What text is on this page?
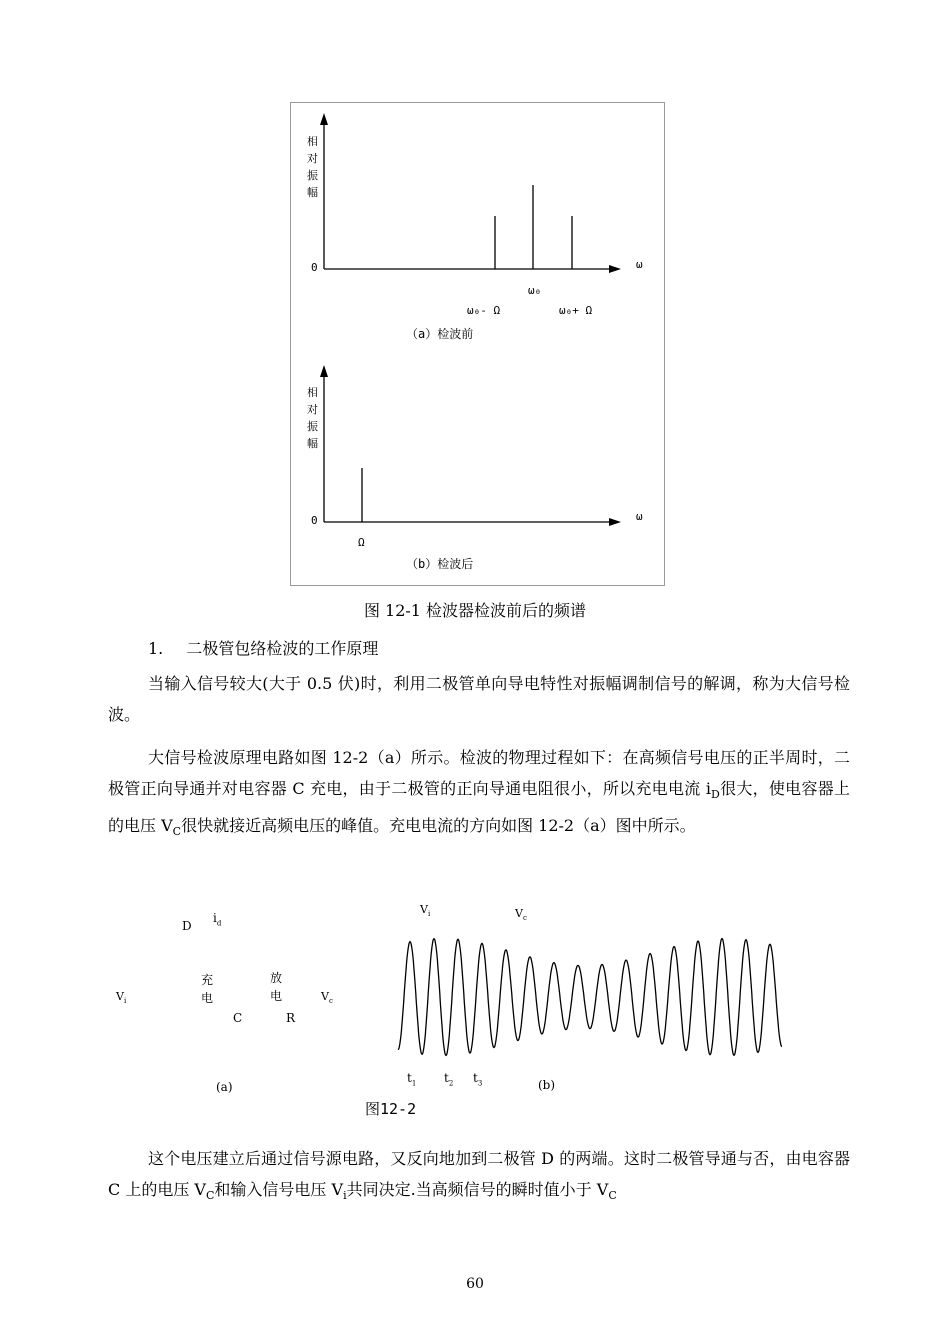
相
对
振
幅
0	ω
ω₀
ω₀- Ω	ω₀+ Ω
（a）检波前
相
对
振
幅
0	ω
Ω
（b）检波后
图 12-1 检波器检波前后的频谱
1. 二极管包络检波的工作原理
当输入信号较大(大于 0.5 伏)时，利用二极管单向导电特性对振幅调制信号的解调，称为大信号检波。
大信号检波原理电路如图 12-2（a）所示。检波的物理过程如下：在高频信号电压的正半周时，二极管正向导通并对电容器 C 充电，由于二极管的正向导通电阻很小，所以充电电流 $i_D$很大，使电容器上的电压 $V_C$很快就接近高频电压的峰值。充电电流的方向如图 12-2（a）图中所示。
D
$i_d$
充
电
放
电
$V_i$	$V_c$
C	R
(a)
$V_i$	$V_c$
$t_1$ $t_2$ $t_3$	(b)
图12-2
这个电压建立后通过信号源电路，又反向地加到二极管 D 的两端。这时二极管导通与否，由电容器 C 上的电压 $V_C$和输入信号电压 $V_i$共同决定.当高频信号的瞬时值小于 $V_C$
60
